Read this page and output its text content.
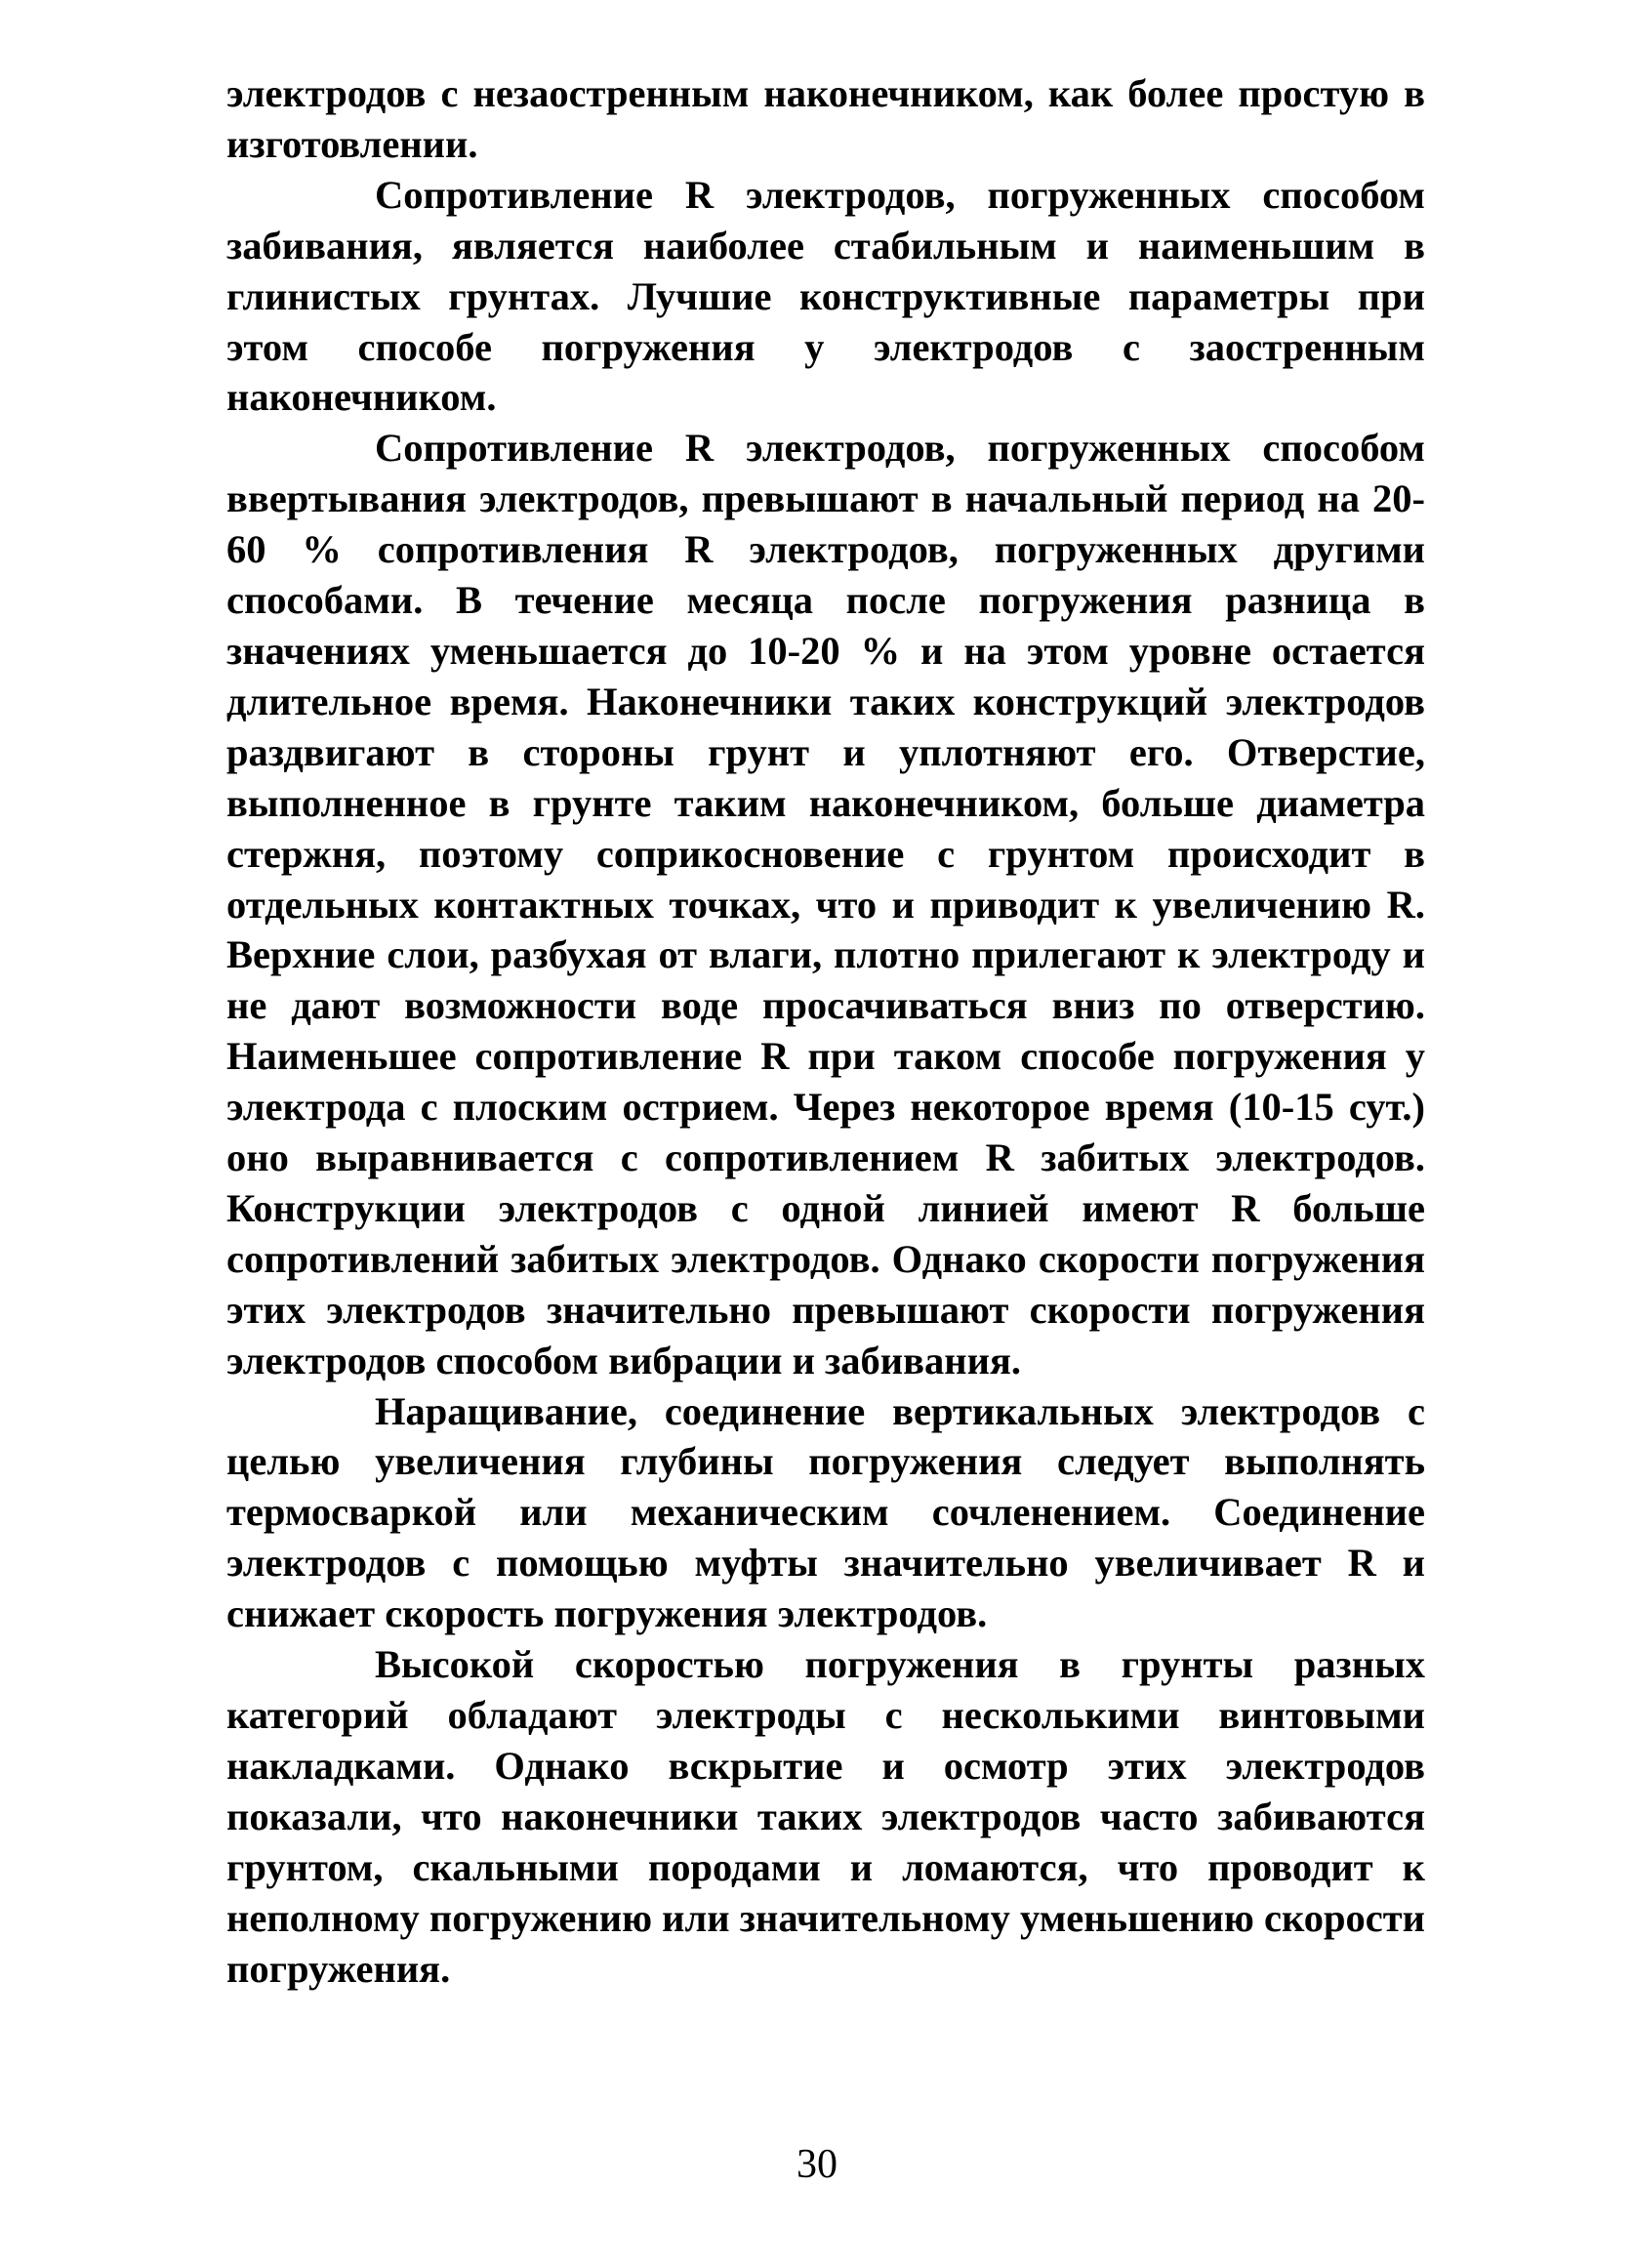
электродов с незаостренным наконечником, как более простую в изготовлении.

Сопротивление R электродов, погруженных способом забивания, является наиболее стабильным и наименьшим в глинистых грунтах. Лучшие конструктивные параметры при этом способе погружения у электродов с заостренным наконечником.

Сопротивление R электродов, погруженных способом ввертывания электродов, превышают в начальный период на 20-60 % сопротивления R электродов, погруженных другими способами. В течение месяца после погружения разница в значениях уменьшается до 10-20 % и на этом уровне остается длительное время. Наконечники таких конструкций электродов раздвигают в стороны грунт и уплотняют его. Отверстие, выполненное в грунте таким наконечником, больше диаметра стержня, поэтому соприкосновение с грунтом происходит в отдельных контактных точках, что и приводит к увеличению R. Верхние слои, разбухая от влаги, плотно прилегают к электроду и не дают возможности воде просачиваться вниз по отверстию. Наименьшее сопротивление R при таком способе погружения у электрода с плоским острием. Через некоторое время (10-15 сут.) оно выравнивается с сопротивлением R забитых электродов. Конструкции электродов с одной линией имеют R больше сопротивлений забитых электродов. Однако скорости погружения этих электродов значительно превышают скорости погружения электродов способом вибрации и забивания.

Наращивание, соединение вертикальных электродов с целью увеличения глубины погружения следует выполнять термосваркой или механическим сочленением. Соединение электродов с помощью муфты значительно увеличивает R и снижает скорость погружения электродов.

Высокой скоростью погружения в грунты разных категорий обладают электроды с несколькими винтовыми накладками. Однако вскрытие и осмотр этих электродов показали, что наконечники таких электродов часто забиваются грунтом, скальными породами и ломаются, что проводит к неполному погружению или значительному уменьшению скорости погружения.

30
